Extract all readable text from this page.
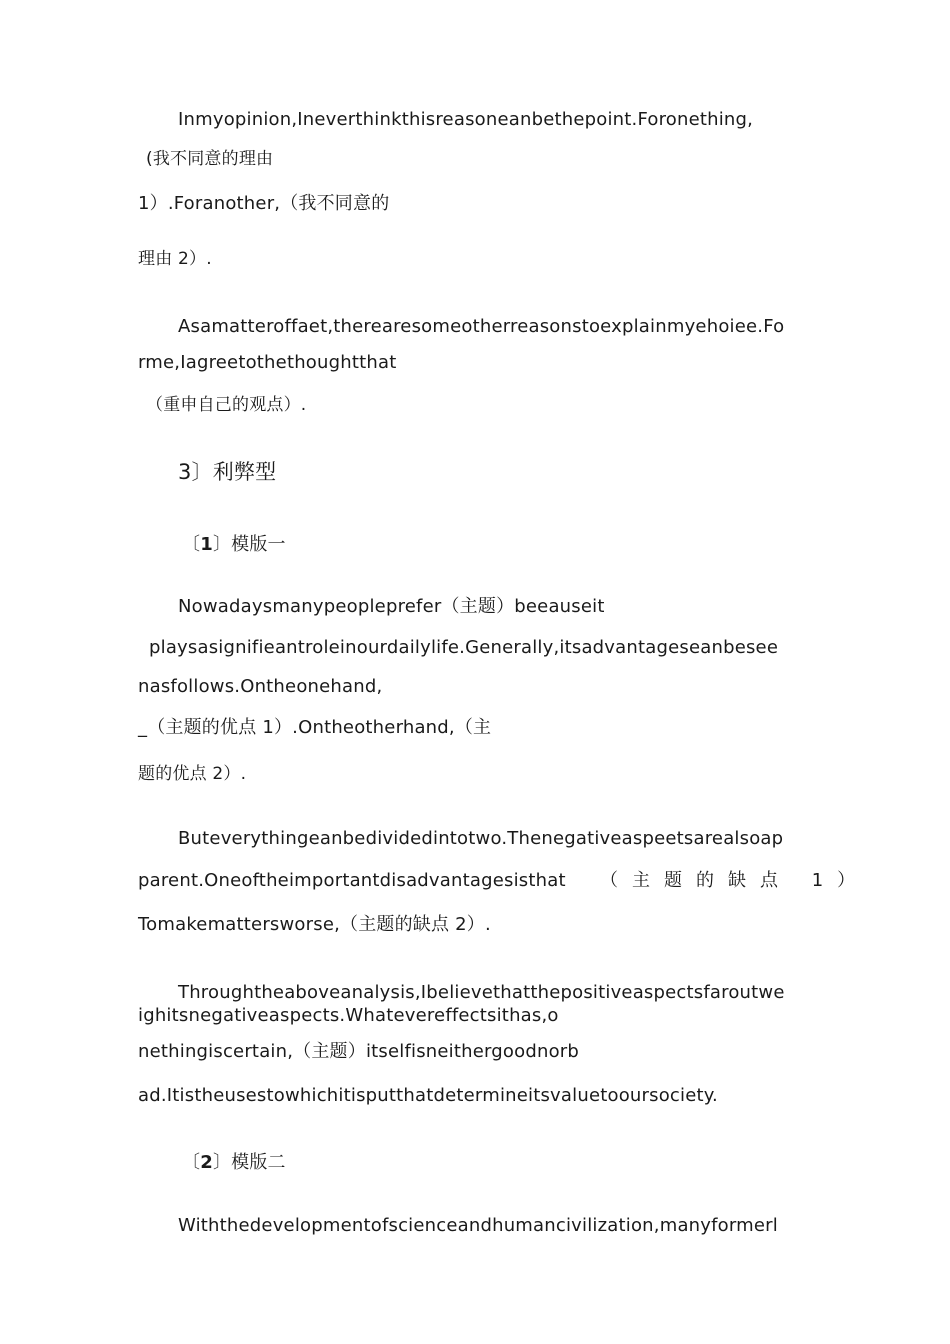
Inmyopinion,Ineverthinkthisreasoneanbethepoint.Foronething,
(我不同意的理由
1）.Foranother,（我不同意的
理由 2）.
Asamatteroffaet,therearesomeotherreasonstoexplainmyehoiee.Fo
rme,Iagreetothethoughtthat
（重申自己的观点）.
3〕利弊型
〔1〕模版一
Nowadaysmanypeopleprefer（主题）beeauseit
playsasignifieantroleinourdailylife.Generally,itsadvantageseanbesee
nasfollows.Ontheonehand,
_（主题的优点 1）.Ontheotherhand,（主
题的优点 2）.
Buteverythingeanbedividedintotwo.Thenegativeaspeetsarealsoap
parent.Oneoftheimportantdisadvantagesisthat （主题的缺点 1）
Tomakemattersworse,（主题的缺点 2）.
Throughtheaboveanalysis,Ibelievethatthepositiveaspectsfaroutwe
ighitsnegativeaspects.Whatevereffectsithas,o
nethingiscertain,（主题）itselfisneithergoodnorb
ad.Itistheusestowhichitisputthatdetermineitsvaluetooursociety.
〔2〕模版二
Withthedevelopmentofscienceandhumancivilization,manyformerl
